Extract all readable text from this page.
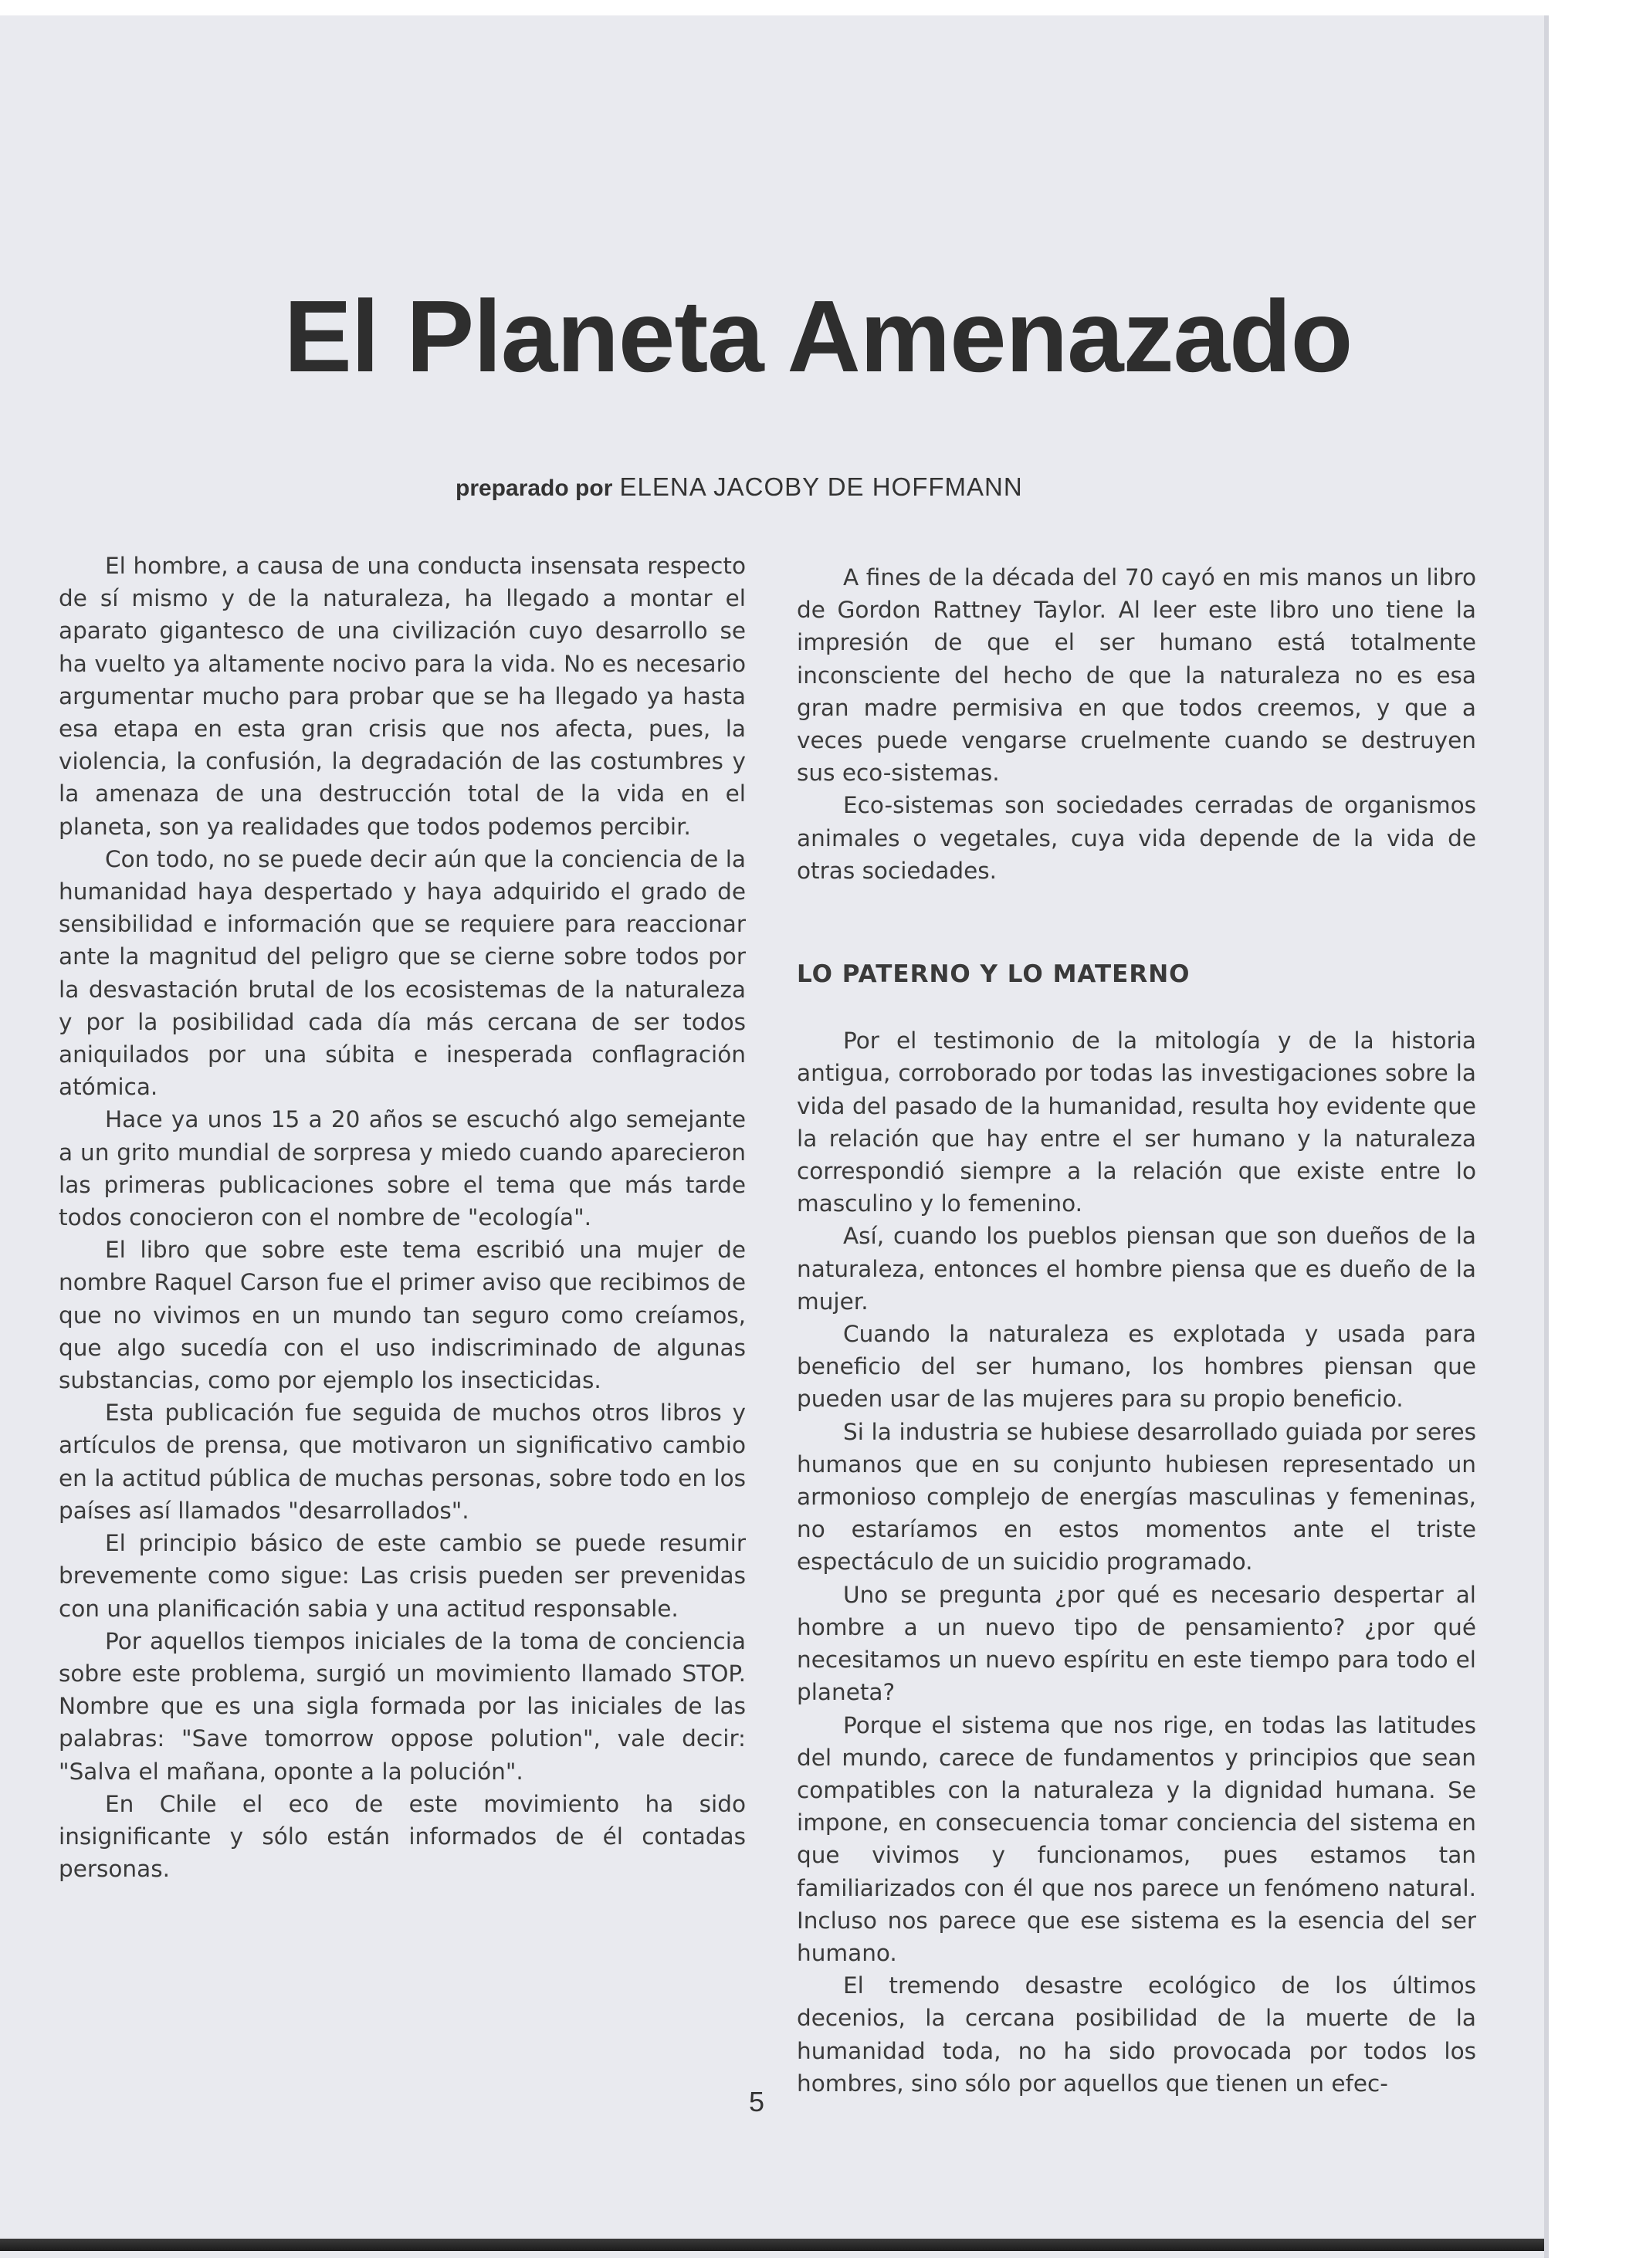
El Planeta Amenazado

preparado por ELENA JACOBY DE HOFFMANN

El hombre, a causa de una conducta insensata respecto de sí mismo y de la naturaleza, ha llegado a montar el aparato gigantesco de una civilización cuyo desarrollo se ha vuelto ya altamente nocivo para la vida. No es necesario argumentar mucho para probar que se ha llegado ya hasta esa etapa en esta gran crisis que nos afecta, pues, la violencia, la confusión, la degradación de las costumbres y la amenaza de una destrucción total de la vida en el planeta, son ya realidades que todos podemos percibir.

Con todo, no se puede decir aún que la conciencia de la humanidad haya despertado y haya adquirido el grado de sensibilidad e información que se requiere para reaccionar ante la magnitud del peligro que se cierne sobre todos por la desvastación brutal de los ecosistemas de la naturaleza y por la posibilidad cada día más cercana de ser todos aniquilados por una súbita e inesperada conflagración atómica.

Hace ya unos 15 a 20 años se escuchó algo semejante a un grito mundial de sorpresa y miedo cuando aparecieron las primeras publicaciones sobre el tema que más tarde todos conocieron con el nombre de "ecología".

El libro que sobre este tema escribió una mujer de nombre Raquel Carson fue el primer aviso que recibimos de que no vivimos en un mundo tan seguro como creíamos, que algo sucedía con el uso indiscriminado de algunas substancias, como por ejemplo los insecticidas.

Esta publicación fue seguida de muchos otros libros y artículos de prensa, que motivaron un significativo cambio en la actitud pública de muchas personas, sobre todo en los países así llamados "desarrollados".

El principio básico de este cambio se puede resumir brevemente como sigue: Las crisis pueden ser prevenidas con una planificación sabia y una actitud responsable.

Por aquellos tiempos iniciales de la toma de conciencia sobre este problema, surgió un movimiento llamado STOP. Nombre que es una sigla formada por las iniciales de las palabras: "Save tomorrow oppose polution", vale decir: "Salva el mañana, oponte a la polución".

En Chile el eco de este movimiento ha sido insignificante y sólo están informados de él contadas personas.

A fines de la década del 70 cayó en mis manos un libro de Gordon Rattney Taylor. Al leer este libro uno tiene la impresión de que el ser humano está totalmente inconsciente del hecho de que la naturaleza no es esa gran madre permisiva en que todos creemos, y que a veces puede vengarse cruelmente cuando se destruyen sus eco-sistemas.

Eco-sistemas son sociedades cerradas de organismos animales o vegetales, cuya vida depende de la vida de otras sociedades.

LO PATERNO Y LO MATERNO

Por el testimonio de la mitología y de la historia antigua, corroborado por todas las investigaciones sobre la vida del pasado de la humanidad, resulta hoy evidente que la relación que hay entre el ser humano y la naturaleza correspondió siempre a la relación que existe entre lo masculino y lo femenino.

Así, cuando los pueblos piensan que son dueños de la naturaleza, entonces el hombre piensa que es dueño de la mujer.

Cuando la naturaleza es explotada y usada para beneficio del ser humano, los hombres piensan que pueden usar de las mujeres para su propio beneficio.

Si la industria se hubiese desarrollado guiada por seres humanos que en su conjunto hubiesen representado un armonioso complejo de energías masculinas y femeninas, no estaríamos en estos momentos ante el triste espectáculo de un suicidio programado.

Uno se pregunta ¿por qué es necesario despertar al hombre a un nuevo tipo de pensamiento? ¿por qué necesitamos un nuevo espíritu en este tiempo para todo el planeta?

Porque el sistema que nos rige, en todas las latitudes del mundo, carece de fundamentos y principios que sean compatibles con la naturaleza y la dignidad humana. Se impone, en consecuencia tomar conciencia del sistema en que vivimos y funcionamos, pues estamos tan familiarizados con él que nos parece un fenómeno natural. Incluso nos parece que ese sistema es la esencia del ser humano.

El tremendo desastre ecológico de los últimos decenios, la cercana posibilidad de la muerte de la humanidad toda, no ha sido provocada por todos los hombres, sino sólo por aquellos que tienen un efec-

5
